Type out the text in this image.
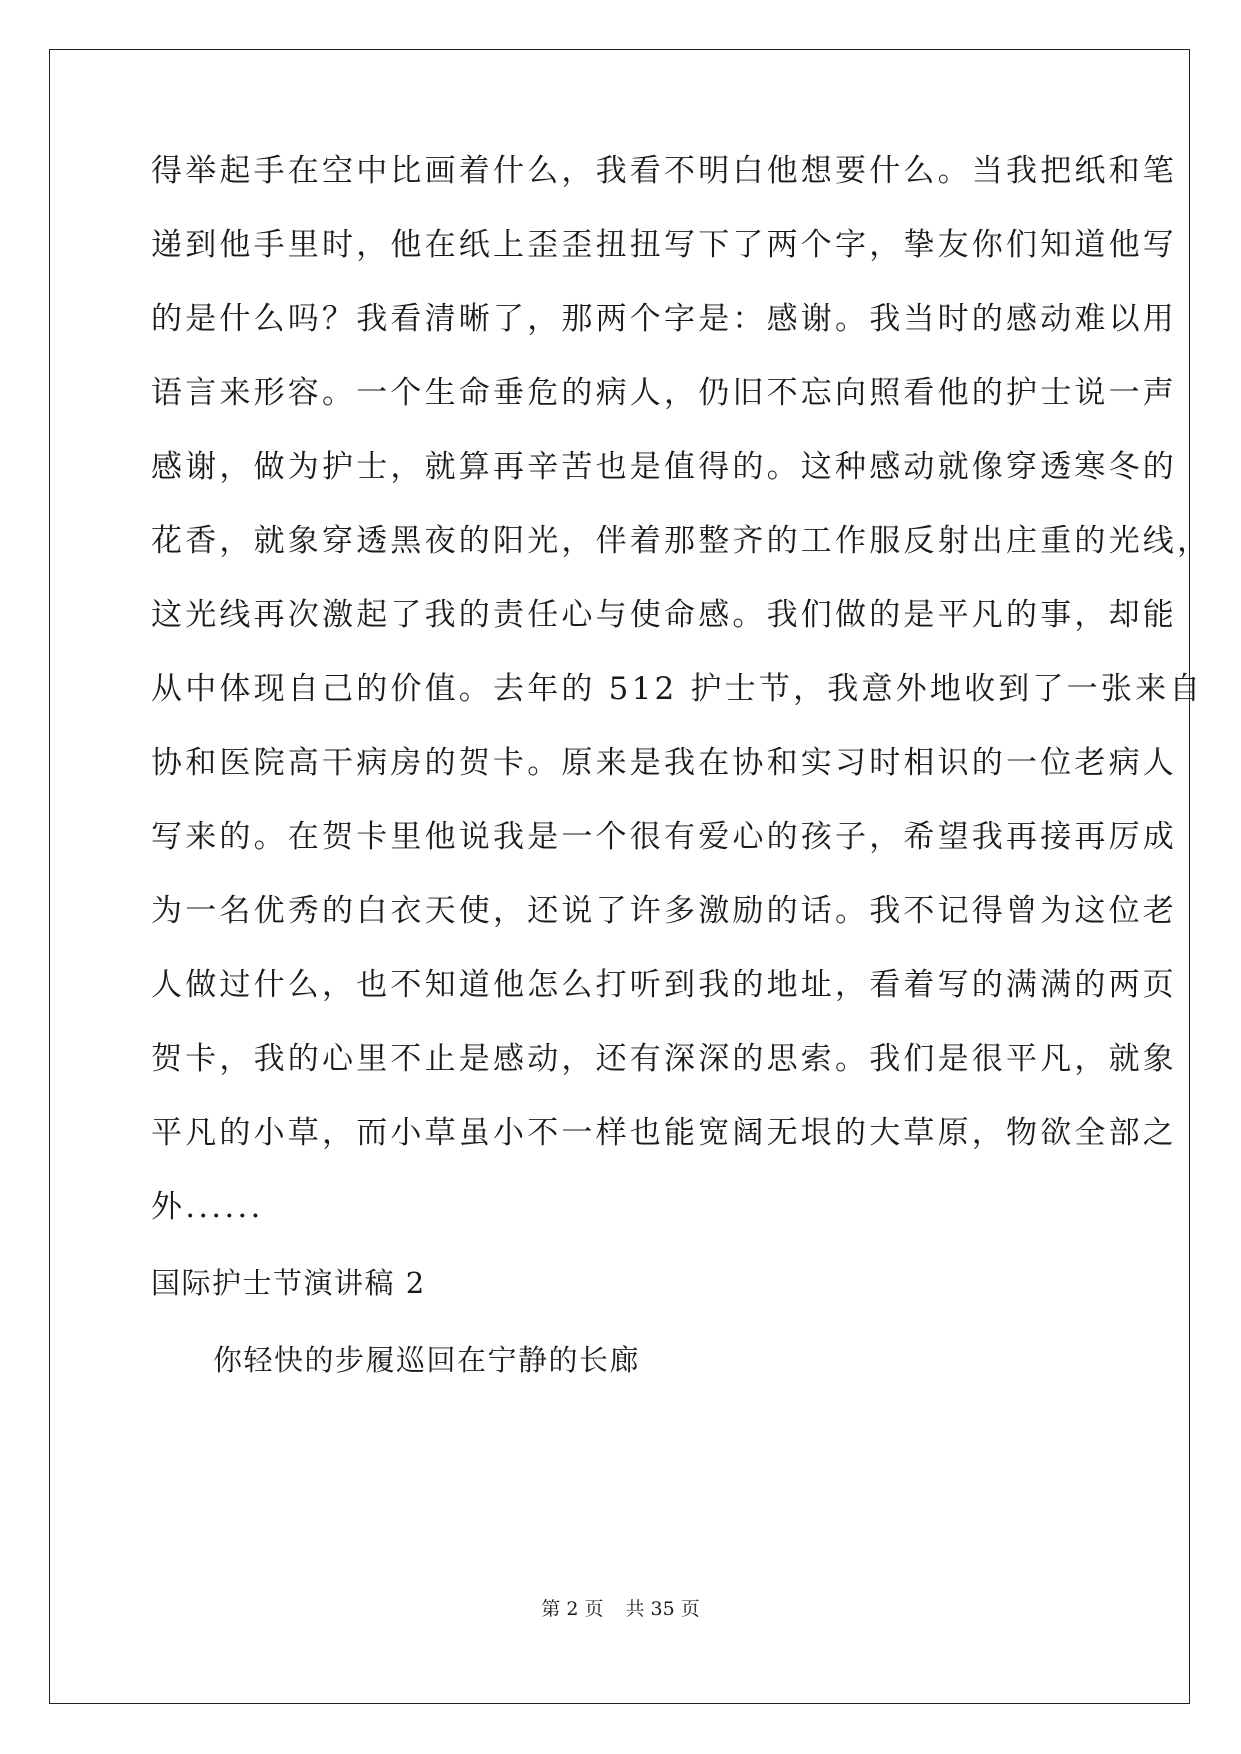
得举起手在空中比画着什么，我看不明白他想要什么。当我把纸和笔
递到他手里时，他在纸上歪歪扭扭写下了两个字，挚友你们知道他写
的是什么吗？我看清晰了，那两个字是：感谢。我当时的感动难以用
语言来形容。一个生命垂危的病人，仍旧不忘向照看他的护士说一声
感谢，做为护士，就算再辛苦也是值得的。这种感动就像穿透寒冬的
花香，就象穿透黑夜的阳光，伴着那整齐的工作服反射出庄重的光线，
这光线再次激起了我的责任心与使命感。我们做的是平凡的事，却能
从中体现自己的价值。去年的 512 护士节，我意外地收到了一张来自
协和医院高干病房的贺卡。原来是我在协和实习时相识的一位老病人
写来的。在贺卡里他说我是一个很有爱心的孩子，希望我再接再厉成
为一名优秀的白衣天使，还说了许多激励的话。我不记得曾为这位老
人做过什么，也不知道他怎么打听到我的地址，看着写的满满的两页
贺卡，我的心里不止是感动，还有深深的思索。我们是很平凡，就象
平凡的小草，而小草虽小不一样也能宽阔无垠的大草原，物欲全部之
外......
国际护士节演讲稿 2
你轻快的步履巡回在宁静的长廊
第 2 页 共 35 页
